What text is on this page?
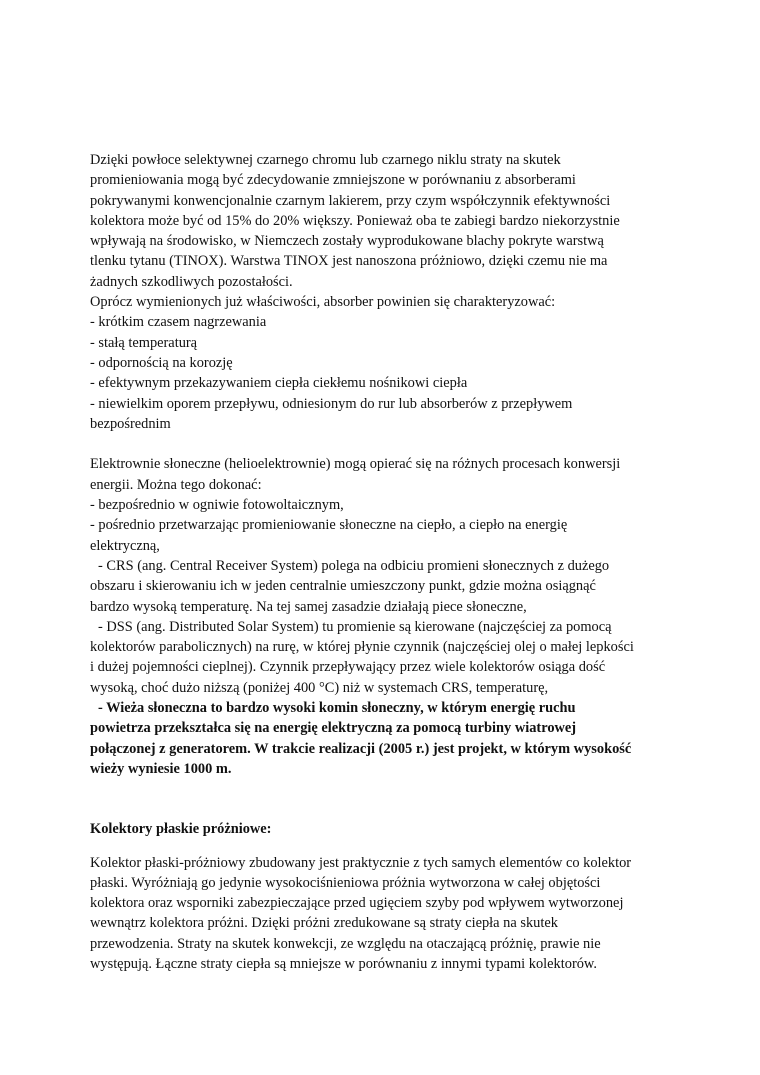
Dzięki powłoce selektywnej czarnego chromu lub czarnego niklu straty na skutek
promieniowania mogą być zdecydowanie zmniejszone w porównaniu z absorberami
pokrywanymi konwencjonalnie czarnym lakierem, przy czym współczynnik efektywności
kolektora może być od 15% do 20% większy. Ponieważ oba te zabiegi bardzo niekorzystnie
wpływają na środowisko, w Niemczech zostały wyprodukowane blachy pokryte warstwą
tlenku tytanu (TINOX). Warstwa TINOX jest nanoszona próżniowo, dzięki czemu nie ma
żadnych szkodliwych pozostałości.
Oprócz wymienionych już właściwości, absorber powinien się charakteryzować:
- krótkim czasem nagrzewania
- stałą temperaturą
- odpornością na korozję
- efektywnym przekazywaniem ciepła ciekłemu nośnikowi ciepła
- niewielkim oporem przepływu, odniesionym do rur lub absorberów z przepływem
bezpośrednim
Elektrownie słoneczne (helioelektrownie) mogą opierać się na różnych procesach konwersji
energii. Można tego dokonać:
- bezpośrednio w ogniwie fotowoltaicznym,
- pośrednio przetwarzając promieniowanie słoneczne na ciepło, a ciepło na energię
elektryczną,
- CRS (ang. Central Receiver System) polega na odbiciu promieni słonecznych z dużego
obszaru i skierowaniu ich w jeden centralnie umieszczony punkt, gdzie można osiągnąć
bardzo wysoką temperaturę. Na tej samej zasadzie działają piece słoneczne,
- DSS (ang. Distributed Solar System) tu promienie są kierowane (najczęściej za pomocą
kolektorów parabolicznych) na rurę, w której płynie czynnik (najczęściej olej o małej lepkości
i dużej pojemności cieplnej). Czynnik przepływający przez wiele kolektorów osiąga dość
wysoką, choć dużo niższą (poniżej 400 °C) niż w systemach CRS, temperaturę,
- Wieża słoneczna to bardzo wysoki komin słoneczny, w którym energię ruchu
powietrza przekształca się na energię elektryczną za pomocą turbiny wiatrowej
połączonej z generatorem. W trakcie realizacji (2005 r.) jest projekt, w którym wysokość
wieży wyniesie 1000 m.
Kolektory płaskie próżniowe:
Kolektor płaski-próżniowy zbudowany jest praktycznie z tych samych elementów co kolektor
płaski. Wyróżniają go jedynie wysokociśnieniowa próżnia wytworzona w całej objętości
kolektora oraz wsporniki zabezpieczające przed ugięciem szyby pod wpływem wytworzonej
wewnątrz kolektora próżni. Dzięki próżni zredukowane są straty ciepła na skutek
przewodzenia. Straty na skutek konwekcji, ze względu na otaczającą próżnię, prawie nie
występują. Łączne straty ciepła są mniejsze w porównaniu z innymi typami kolektorów.
